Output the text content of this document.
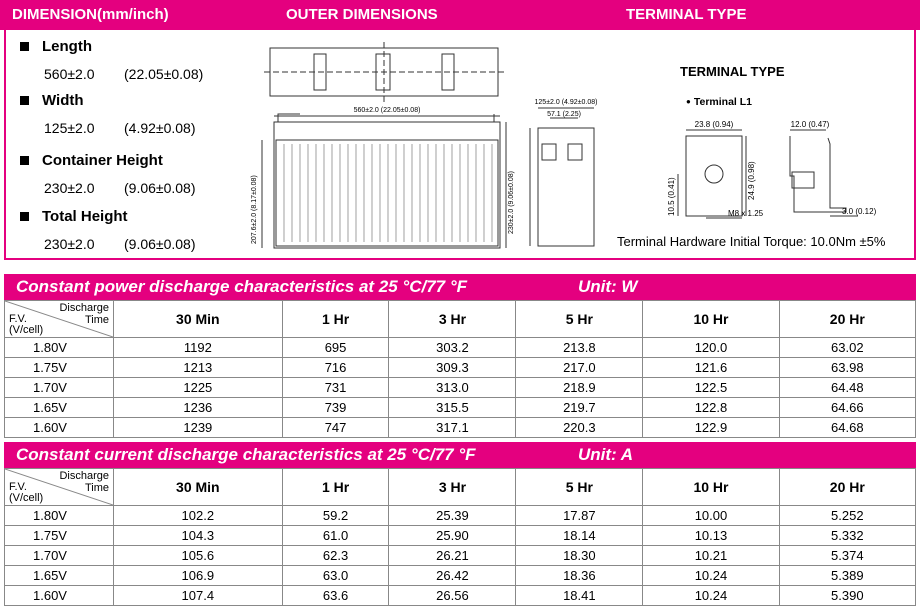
DIMENSION(mm/inch)	OUTER DIMENSIONS	TERMINAL TYPE
Length
560±2.0 (22.05±0.08)
Width
125±2.0 (4.92±0.08)
Container Height
230±2.0 (9.06±0.08)
Total Height
230±2.0 (9.06±0.08)
560±2.0 (22.05±0.08)
125±2.0 (4.92±0.08)
57.1 (2.25)
207.6±2.0 (8.17±0.08)	230±2.0 (9.06±0.08)
TERMINAL TYPE
● Terminal L1
23.8 (0.94)	12.0 (0.47)
24.9 (0.98)
10.5 (0.41)	M8 x 1.25	3.0 (0.12)
Terminal Hardware Initial Torque: 10.0Nm ±5%
Constant power discharge characteristics at 25 °C/77 °F	Unit: W
Discharge
Time
F.V.
(V/cell)	30 Min	1 Hr	3 Hr	5 Hr	10 Hr	20 Hr
1.80V	1192	695	303.2	213.8	120.0	63.02
1.75V	1213	716	309.3	217.0	121.6	63.98
1.70V	1225	731	313.0	218.9	122.5	64.48
1.65V	1236	739	315.5	219.7	122.8	64.66
1.60V	1239	747	317.1	220.3	122.9	64.68
Constant current discharge characteristics at 25 °C/77 °F	Unit: A
Discharge
Time
F.V.
(V/cell)	30 Min	1 Hr	3 Hr	5 Hr	10 Hr	20 Hr
1.80V	102.2	59.2	25.39	17.87	10.00	5.252
1.75V	104.3	61.0	25.90	18.14	10.13	5.332
1.70V	105.6	62.3	26.21	18.30	10.21	5.374
1.65V	106.9	63.0	26.42	18.36	10.24	5.389
1.60V	107.4	63.6	26.56	18.41	10.24	5.390
